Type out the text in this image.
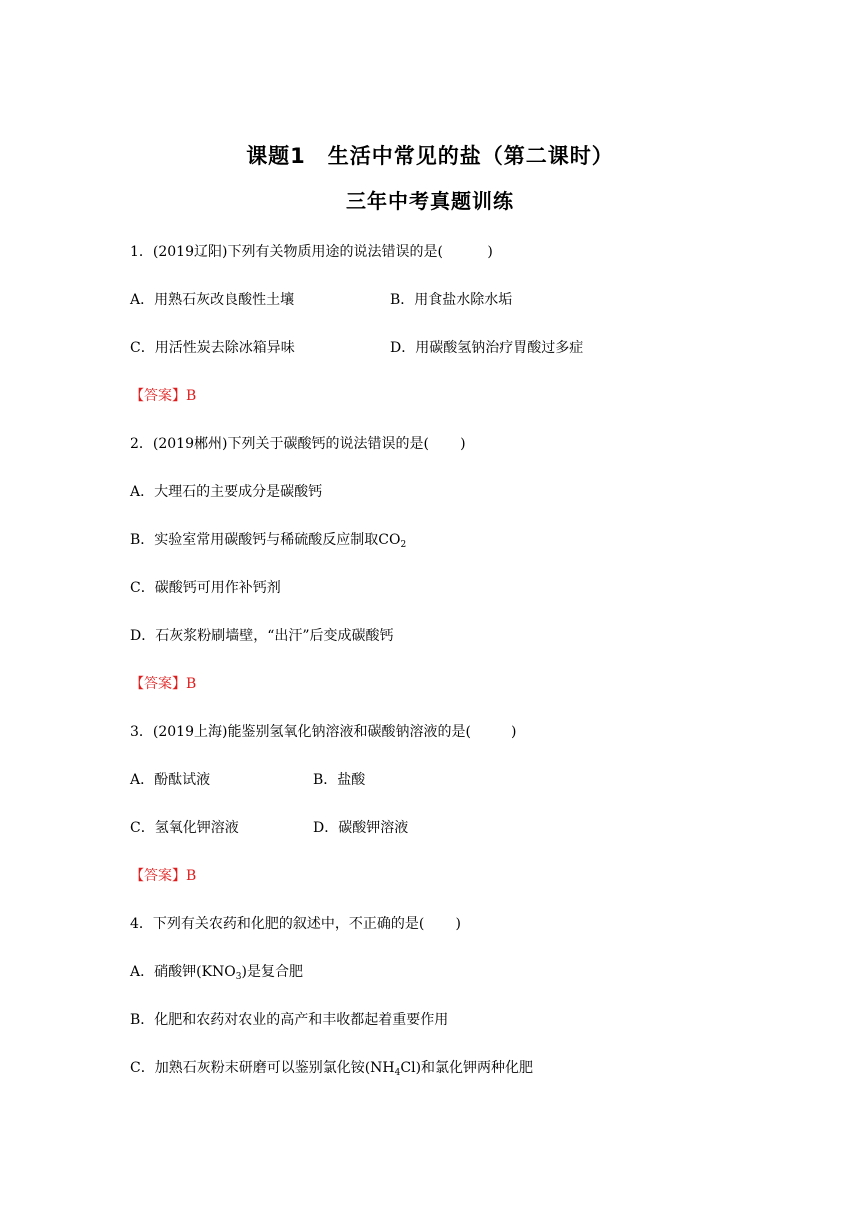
课题1　生活中常见的盐（第二课时）
三年中考真题训练
1．(2019辽阳)下列有关物质用途的说法错误的是(          )
A．用熟石灰改良酸性土壤	B．用食盐水除水垢
C．用活性炭去除冰箱异味	D．用碳酸氢钠治疗胃酸过多症
【答案】B
2．(2019郴州)下列关于碳酸钙的说法错误的是(       )
A．大理石的主要成分是碳酸钙
B．实验室常用碳酸钙与稀硫酸反应制取$CO_2$
C．碳酸钙可用作补钙剂
D．石灰浆粉刷墙壁，“出汗”后变成碳酸钙
【答案】B
3．(2019上海)能鉴别氢氧化钠溶液和碳酸钠溶液的是(         )
A．酚酞试液	B．盐酸
C．氢氧化钾溶液	D．碳酸钾溶液
【答案】B
4．下列有关农药和化肥的叙述中，不正确的是(       )
A．硝酸钾$(KNO_3)$是复合肥
B．化肥和农药对农业的高产和丰收都起着重要作用
C．加熟石灰粉末研磨可以鉴别氯化铵$(NH_4Cl)$和氯化钾两种化肥
